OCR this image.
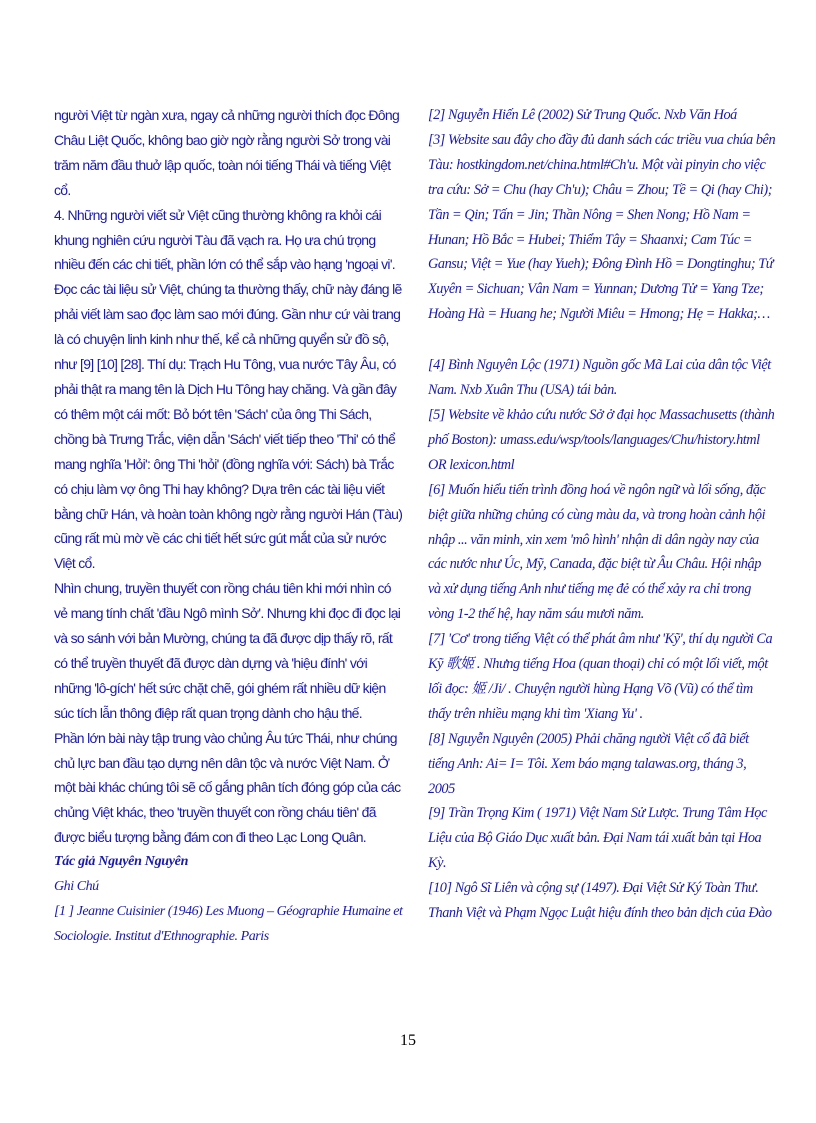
người Việt từ ngàn xưa, ngay cả những người thích đọc Đông Châu Liệt Quốc, không bao giờ ngờ rằng người Sở trong vài trăm năm đầu thuở lập quốc, toàn nói tiếng Thái và tiếng Việt cổ.

4. Những người viết sử Việt cũng thường không ra khỏi cái khung nghiên cứu người Tàu đã vạch ra. Họ ưa chú trọng nhiều đến các chi tiết, phần lớn có thể sắp vào hạng 'ngoại vi'. Đọc các tài liệu sử Việt, chúng ta thường thấy, chữ này đáng lẽ phải viết làm sao đọc làm sao mới đúng. Gần như cứ vài trang là có chuyện linh kinh như thế, kể cả những quyển sử đồ sộ, như [9] [10] [28]. Thí dụ: Trạch Hu Tông, vua nước Tây Âu, có phải thật ra mang tên là Dịch Hu Tông hay chăng. Và gần đây có thêm một cái mốt: Bỏ bớt tên 'Sách' của ông Thi Sách, chồng bà Trưng Trắc, viện dẫn 'Sách' viết tiếp theo 'Thi' có thể mang nghĩa 'Hỏi': ông Thi 'hỏi' (đồng nghĩa với: Sách) bà Trắc có chịu làm vợ ông Thi hay không? Dựa trên các tài liệu viết bằng chữ Hán, và hoàn toàn không ngờ rằng người Hán (Tàu) cũng rất mù mờ về các chi tiết hết sức gút mắt của sử nước Việt cổ.

Nhìn chung, truyền thuyết con rồng cháu tiên khi mới nhìn có vẻ mang tính chất 'đầu Ngô mình Sở'. Nhưng khi đọc đi đọc lại và so sánh với bản Mường, chúng ta đã được dịp thấy rõ, rất có thể truyền thuyết đã được dàn dựng và 'hiệu đính' với những 'lô-gích' hết sức chặt chẽ, gói ghém rất nhiều dữ kiện súc tích lẫn thông điệp rất quan trọng dành cho hậu thế.

Phần lớn bài này tập trung vào chủng Âu tức Thái, như chúng chủ lực ban đầu tạo dựng nên dân tộc và nước Việt Nam. Ở một bài khác chúng tôi sẽ cố gắng phân tích đóng góp của các chủng Việt khác, theo 'truyền thuyết con rồng cháu tiên' đã được biểu tượng bằng đám con đi theo Lạc Long Quân.

Tác giả Nguyên Nguyên

Ghi Chú

[1 ] Jeanne Cuisinier (1946) Les Muong – Géographie Humaine et Sociologie. Institut d'Ethnographie. Paris

[2] Nguyễn Hiến Lê (2002) Sử Trung Quốc. Nxb Văn Hoá

[3] Website sau đây cho đầy đủ danh sách các triều vua chúa bên Tàu: hostkingdom.net/china.html#Ch'u. Một vài pinyin cho việc tra cứu: Sở = Chu (hay Ch'u); Châu = Zhou; Tề = Qi (hay Chi); Tần = Qin; Tấn = Jin; Thần Nông = Shen Nong; Hồ Nam = Hunan; Hồ Bắc = Hubei; Thiểm Tây = Shaanxi; Cam Túc = Gansu; Việt = Yue (hay Yueh); Đông Đình Hồ = Dongtinghu; Tứ Xuyên = Sichuan; Vân Nam = Yunnan; Dương Tử = Yang Tze; Hoàng Hà = Huang he; Người Miêu = Hmong; Hẹ = Hakka;…

[4] Bình Nguyên Lộc (1971) Nguồn gốc Mã Lai của dân tộc Việt Nam. Nxb Xuân Thu (USA) tái bản.

[5] Website về khảo cứu nước Sở ở đại học Massachusetts (thành phố Boston): umass.edu/wsp/tools/languages/Chu/history.html OR lexicon.html

[6] Muốn hiểu tiến trình đồng hoá về ngôn ngữ và lối sống, đặc biệt giữa những chủng có cùng màu da, và trong hoàn cảnh hội nhập ... văn minh, xin xem 'mô hình' nhận di dân ngày nay của các nước như Úc, Mỹ, Canada, đặc biệt từ Âu Châu. Hội nhập và xử dụng tiếng Anh như tiếng mẹ đẻ có thể xảy ra chỉ trong vòng 1-2 thế hệ, hay năm sáu mươi năm.

[7] 'Cơ' trong tiếng Việt có thể phát âm như 'Kỹ', thí dụ người Ca Kỹ 歌姬 . Nhưng tiếng Hoa (quan thoại) chỉ có một lối viết, một lối đọc: 姬 /Ji/ . Chuyện người hùng Hạng Võ (Vũ) có thể tìm thấy trên nhiều mạng khi tìm 'Xiang Yu' .

[8] Nguyễn Nguyên (2005) Phải chăng người Việt cổ đã biết tiếng Anh: Ai= I= Tôi. Xem báo mạng talawas.org, tháng 3, 2005

[9] Trần Trọng Kim ( 1971) Việt Nam Sử Lược. Trung Tâm Học Liệu của Bộ Giáo Dục xuất bản. Đại Nam tái xuất bản tại Hoa Kỳ.

[10] Ngô Sĩ Liên và cộng sự (1497). Đại Việt Sử Ký Toàn Thư. Thanh Việt và Phạm Ngọc Luật hiệu đính theo bản dịch của Đào

15
